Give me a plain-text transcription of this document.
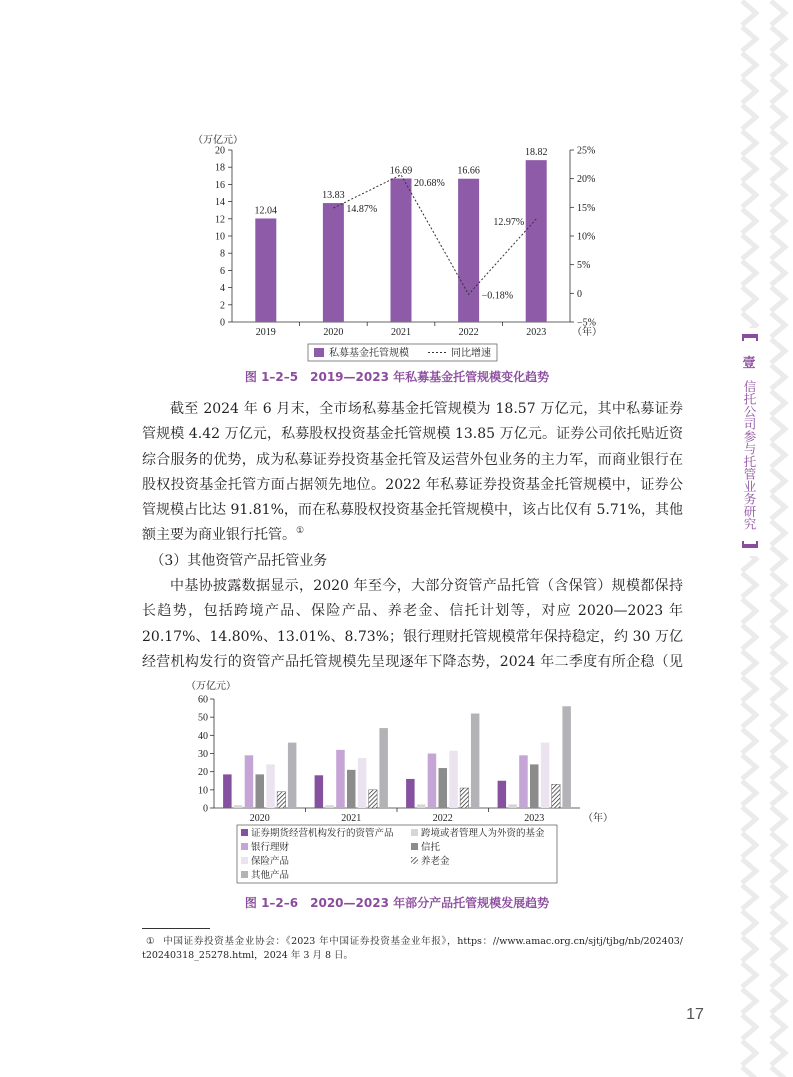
壹
信托公司参与托管业务研究
0
2
4
6
8
10
12
14
16
18
20
−5%
0
5%
10%
15%
20%
25%
2019	2020	2021	2022	2023	（年）
（万亿元）
12.04
13.83
16.69	16.66
18.82
14.87%
20.68%
−0.18%
12.97%
私募基金托管规模	同比增速
图 1–2–5　2019—2023 年私募基金托管规模变化趋势
截至 2024 年 6 月末，全市场私募基金托管规模为 18.57 万亿元，其中私募证券
管规模 4.42 万亿元，私募股权投资基金托管规模 13.85 万亿元。证券公司依托贴近资
综合服务的优势，成为私募证券投资基金托管及运营外包业务的主力军，而商业银行在
股权投资基金托管方面占据领先地位。2022 年私募证券投资基金托管规模中，证券公
管规模占比达 91.81%，而在私募股权投资基金托管规模中，该占比仅有 5.71%，其他
额主要为商业银行托管。①
（3）其他资管产品托管业务
中基协披露数据显示，2020 年至今，大部分资管产品托管（含保管）规模都保持
长趋势，包括跨境产品、保险产品、养老金、信托计划等，对应 2020—2023 年
20.17%、14.80%、13.01%、8.73%；银行理财托管规模常年保持稳定，约 30 万亿
经营机构发行的资管产品托管规模先呈现逐年下降态势，2024 年二季度有所企稳（见
0
10
20
30
40
50
60
2020	2021	2022	2023	（年）
（万亿元）
证券期货经营机构发行的资管产品	跨境或者管理人为外资的基金
银行理财	信托
保险产品	养老金
其他产品
图 1–2–6　2020—2023 年部分产品托管规模发展趋势
① 中国证券投资基金业协会：《2023 年中国证券投资基金业年报》，https：//www.amac.org.cn/sjtj/tjbg/nb/202403/
t20240318_25278.html，2024 年 3 月 8 日。
17
